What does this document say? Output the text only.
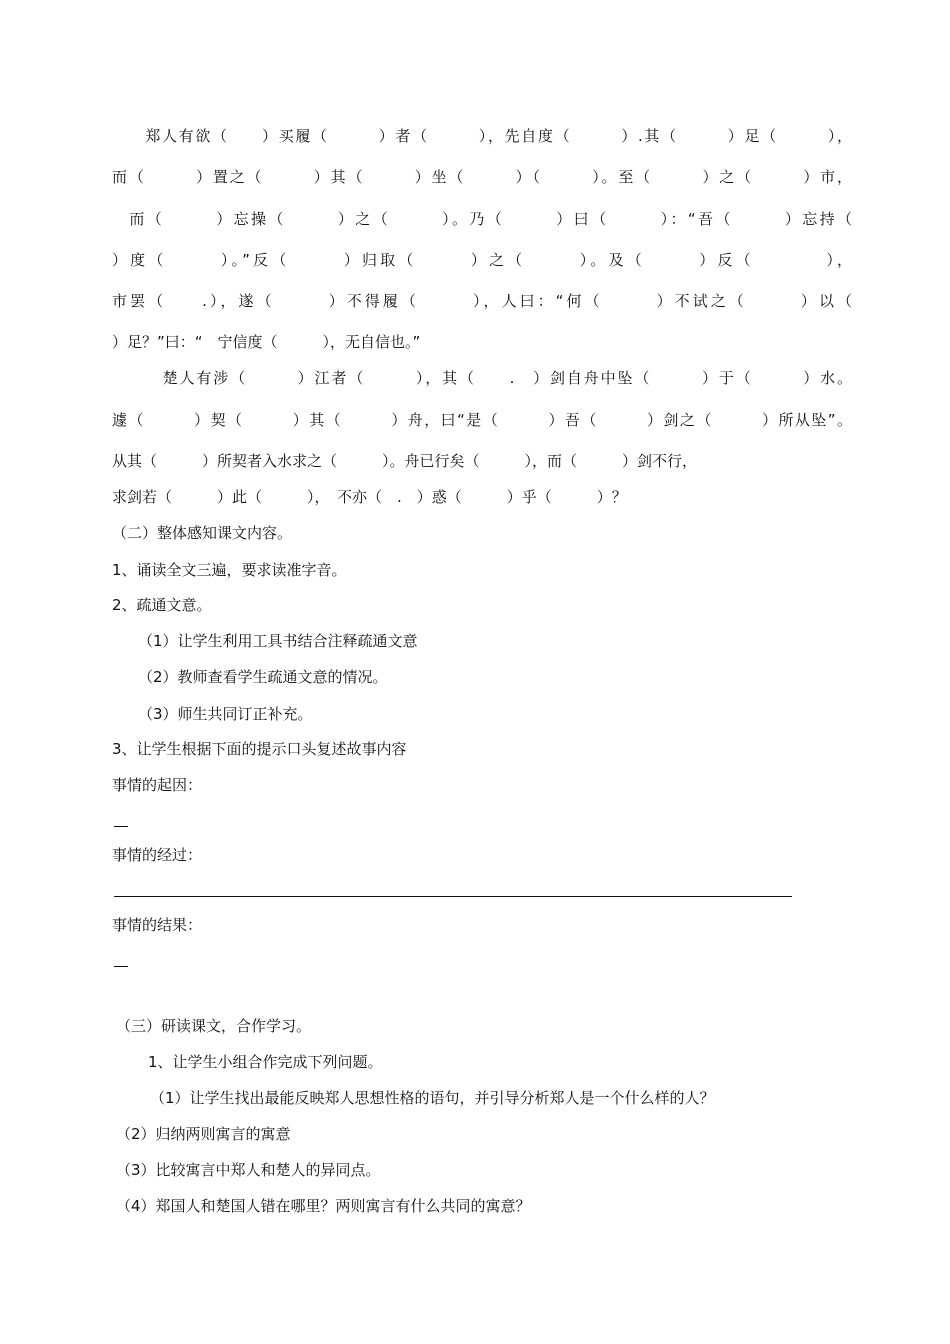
　　郑人有欲（　　）买履（　　　）者（　　　），先自度（　　　）.其（　　　）足（　　　），
而（　　　）置之（　　　）其（　　　）坐（　　　）（　　　）。至（　　　）之（　　　）市，
　而（　　　）忘操（　　　）之（　　　）。乃（　　　）曰（　　　）：“吾（　　　）忘持（
）度（　　　）。”反（　　　）归取（　　　）之（　　　）。及（　　　）反（　　　　），
市罢（　　.），遂（　　　）不得履（　　　），人曰：“何（　　　）不试之（　　　）以（
）足？”曰：“　宁信度（　　　），无自信也。”
　　　楚人有涉（　　　）江者（　　　），其（　　.　）剑自舟中坠（　　　）于（　　　）水。
遽（　　　）契（　　　）其（　　　）舟，曰“是（　　　）吾（　　　）剑之（　　　）所从坠”。
从其（　　　）所契者入水求之（　　　）。舟已行矣（　　　），而（　　　）剑不行，
求剑若（　　　）此（　　　），　不亦（　.　）惑（　　　）乎（　　　）？
（二）整体感知课文内容。
1、诵读全文三遍，要求读准字音。
2、疏通文意。
（1）让学生利用工具书结合注释疏通文意
（2）教师查看学生疏通文意的情况。
（3）师生共同订正补充。
3、让学生根据下面的提示口头复述故事内容
事情的起因：
事情的经过：
事情的结果：
（三）研读课文，合作学习。
1、让学生小组合作完成下列问题。
（1）让学生找出最能反映郑人思想性格的语句，并引导分析郑人是一个什么样的人？
（2）归纳两则寓言的寓意
（3）比较寓言中郑人和楚人的异同点。
（4）郑国人和楚国人错在哪里？两则寓言有什么共同的寓意？
